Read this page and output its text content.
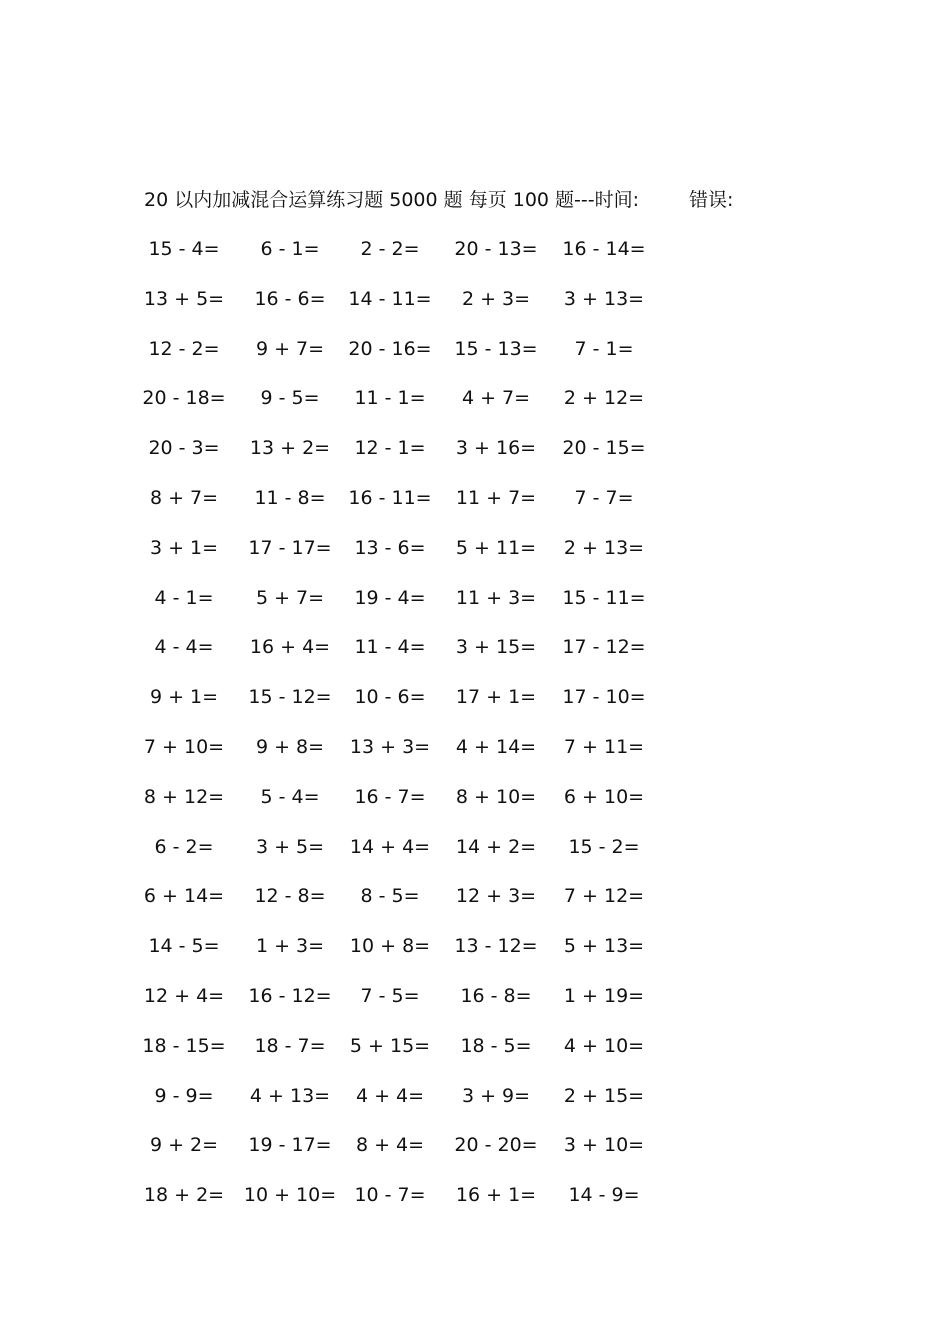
20 以内加减混合运算练习题 5000 题 每页 100 题---时间:	错误:
15 - 4=	6 - 1=	2 - 2=	20 - 13=	16 - 14=
13 + 5=	16 - 6=	14 - 11=	2 + 3=	3 + 13=
12 - 2=	9 + 7=	20 - 16=	15 - 13=	7 - 1=
20 - 18=	9 - 5=	11 - 1=	4 + 7=	2 + 12=
20 - 3=	13 + 2=	12 - 1=	3 + 16=	20 - 15=
8 + 7=	11 - 8=	16 - 11=	11 + 7=	7 - 7=
3 + 1=	17 - 17=	13 - 6=	5 + 11=	2 + 13=
4 - 1=	5 + 7=	19 - 4=	11 + 3=	15 - 11=
4 - 4=	16 + 4=	11 - 4=	3 + 15=	17 - 12=
9 + 1=	15 - 12=	10 - 6=	17 + 1=	17 - 10=
7 + 10=	9 + 8=	13 + 3=	4 + 14=	7 + 11=
8 + 12=	5 - 4=	16 - 7=	8 + 10=	6 + 10=
6 - 2=	3 + 5=	14 + 4=	14 + 2=	15 - 2=
6 + 14=	12 - 8=	8 - 5=	12 + 3=	7 + 12=
14 - 5=	1 + 3=	10 + 8=	13 - 12=	5 + 13=
12 + 4=	16 - 12=	7 - 5=	16 - 8=	1 + 19=
18 - 15=	18 - 7=	5 + 15=	18 - 5=	4 + 10=
9 - 9=	4 + 13=	4 + 4=	3 + 9=	2 + 15=
9 + 2=	19 - 17=	8 + 4=	20 - 20=	3 + 10=
18 + 2=	10 + 10= 10 - 7=	16 + 1=	14 - 9=
